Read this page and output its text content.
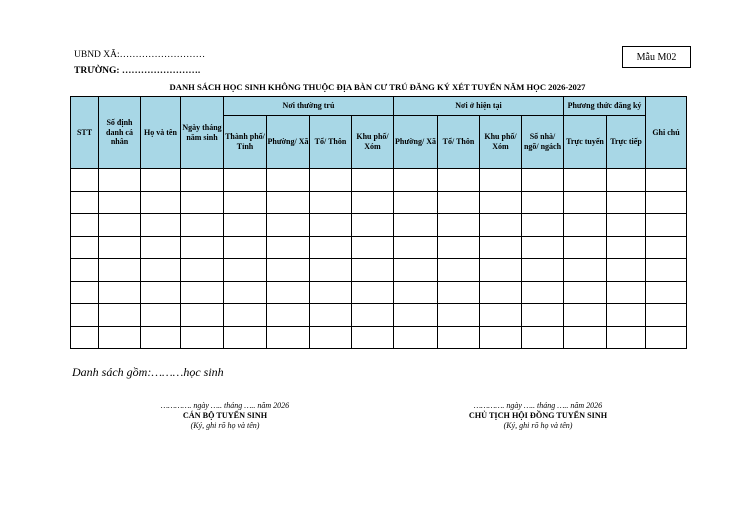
UBND XÃ:………………………
TRƯỜNG: …………………….
Mẫu M02
DANH SÁCH HỌC SINH KHÔNG THUỘC ĐỊA BÀN CƯ TRÚ ĐĂNG KÝ XÉT TUYỂN NĂM HỌC 2026-2027
STT	Số định danh cá nhân	Họ và tên	Ngày tháng năm sinh	Nơi thường trú				Nơi ở hiện tại				Phương thức đăng ký		Ghi chú
				Thành phố/ Tỉnh	Phường/ Xã	Tổ/ Thôn	Khu phố/ Xóm	Phường/ Xã	Tổ/ Thôn	Khu phố/ Xóm	Số nhà/ ngõ/ ngách	Trực tuyến	Trực tiếp	

Danh sách gồm:………học sinh
…………. ngày ….. tháng ….. năm 2026
CÁN BỘ TUYỂN SINH
(Ký, ghi rõ họ và tên)
…………. ngày ….. tháng ….. năm 2026
CHỦ TỊCH HỘI ĐỒNG TUYỂN SINH
(Ký, ghi rõ họ và tên)
